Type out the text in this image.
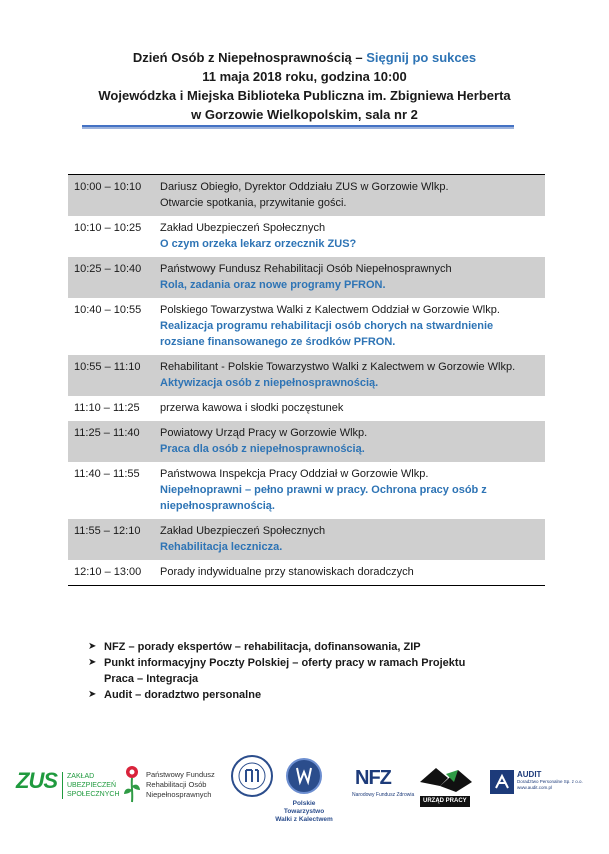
Dzień Osób z Niepełnosprawnością – Sięgnij po sukces
11 maja 2018 roku, godzina 10:00
Wojewódzka i Miejska Biblioteka Publiczna im. Zbigniewa Herberta
w Gorzowie Wielkopolskim, sala nr 2
10:00 – 10:10	Dariusz Obiegło, Dyrektor Oddziału ZUS w Gorzowie Wlkp.
Otwarcie spotkania, przywitanie gości.
10:10 – 10:25	Zakład Ubezpieczeń Społecznych
O czym orzeka lekarz orzecznik ZUS?
10:25 – 10:40	Państwowy Fundusz Rehabilitacji Osób Niepełnosprawnych
Rola, zadania oraz nowe programy PFRON.
10:40 – 10:55	Polskiego Towarzystwa Walki z Kalectwem Oddział w Gorzowie Wlkp.
Realizacja programu rehabilitacji osób chorych na stwardnienie rozsiane finansowanego ze środków PFRON.
10:55 – 11:10	Rehabilitant - Polskie Towarzystwo Walki z Kalectwem w Gorzowie Wlkp.
Aktywizacja osób z niepełnosprawnością.
11:10 – 11:25	przerwa kawowa i słodki poczęstunek
11:25 – 11:40	Powiatowy Urząd Pracy w Gorzowie Wlkp.
Praca dla osób z niepełnosprawnością.
11:40 – 11:55	Państwowa Inspekcja Pracy Oddział w Gorzowie Wlkp.
Niepełnoprawni – pełno prawni w pracy. Ochrona pracy osób z niepełnosprawnością.
11:55 – 12:10	Zakład Ubezpieczeń Społecznych
Rehabilitacja lecznicza.
12:10 – 13:00	Porady indywidualne przy stanowiskach doradczych
➤ NFZ – porady ekspertów – rehabilitacja, dofinansowania, ZIP
➤ Punkt informacyjny Poczty Polskiej – oferty pracy w ramach Projektu
Praca – Integracja
➤ Audit – doradztwo personalne
ZUS ZAKŁAD
UBEZPIECZEŃ
SPOŁECZNYCH
Państwowy Fundusz
Rehabilitacji Osób
Niepełnosprawnych
Polskie Towarzystwo
Walki z Kalectwem
NFZ
Narodowy Fundusz Zdrowia
URZĄD PRACY
AUDIT
Doradztwo Personalne Sp. z o.o.
www.audit.com.pl
